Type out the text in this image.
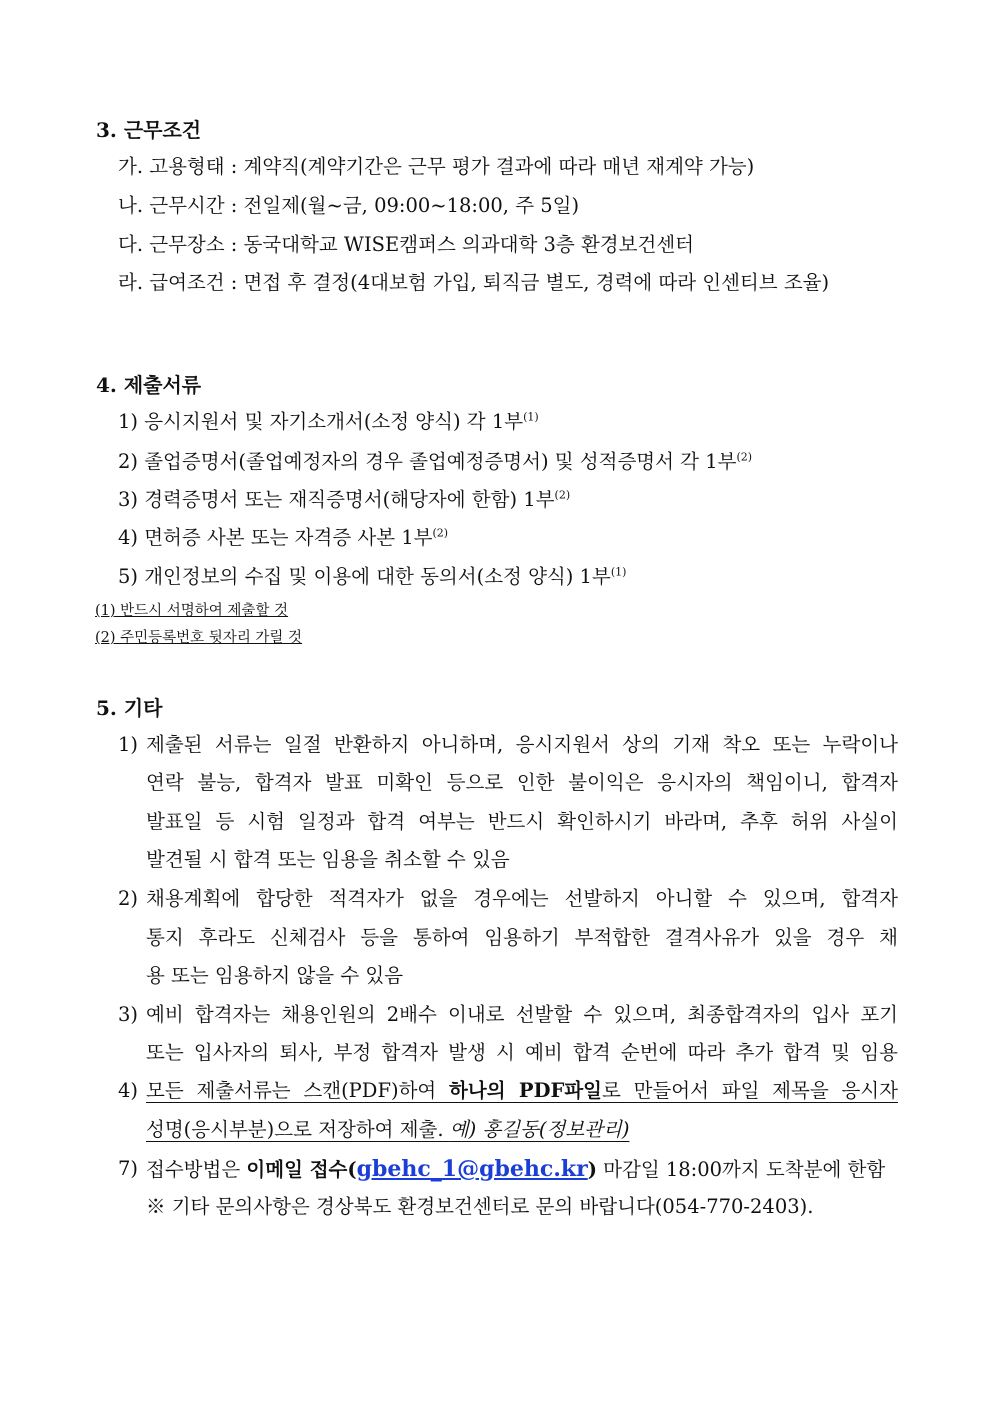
3. 근무조건
가. 고용형태 : 계약직(계약기간은 근무 평가 결과에 따라 매년 재계약 가능)
나. 근무시간 : 전일제(월~금, 09:00~18:00, 주 5일)
다. 근무장소 : 동국대학교 WISE캠퍼스 의과대학 3층 환경보건센터
라. 급여조건 : 면접 후 결정(4대보험 가입, 퇴직금 별도, 경력에 따라 인센티브 조율)
4. 제출서류
1) 응시지원서 및 자기소개서(소정 양식) 각 1부$^{(1)}$
2) 졸업증명서(졸업예정자의 경우 졸업예정증명서) 및 성적증명서 각 1부$^{(2)}$
3) 경력증명서 또는 재직증명서(해당자에 한함) 1부$^{(2)}$
4) 면허증 사본 또는 자격증 사본 1부$^{(2)}$
5) 개인정보의 수집 및 이용에 대한 동의서(소정 양식) 1부$^{(1)}$
(1) 반드시 서명하여 제출할 것
(2) 주민등록번호 뒷자리 가릴 것
5. 기타
1) 제출된 서류는 일절 반환하지 아니하며, 응시지원서 상의 기재 착오 또는 누락이나
연락 불능, 합격자 발표 미확인 등으로 인한 불이익은 응시자의 책임이니, 합격자
발표일 등 시험 일정과 합격 여부는 반드시 확인하시기 바라며, 추후 허위 사실이
발견될 시 합격 또는 임용을 취소할 수 있음
2) 채용계획에 합당한 적격자가 없을 경우에는 선발하지 아니할 수 있으며, 합격자
통지 후라도 신체검사 등을 통하여 임용하기 부적합한 결격사유가 있을 경우 채
용 또는 임용하지 않을 수 있음
3) 예비 합격자는 채용인원의 2배수 이내로 선발할 수 있으며, 최종합격자의 입사 포기
또는 입사자의 퇴사, 부정 합격자 발생 시 예비 합격 순번에 따라 추가 합격 및 임용
4) 모든 제출서류는 스캔(PDF)하여 하나의 PDF파일로 만들어서 파일 제목을 응시자
성명(응시부분)으로 저장하여 제출. 예) 홍길동(정보관리)
7) 접수방법은 이메일 접수(gbehc_1@gbehc.kr) 마감일 18:00까지 도착분에 한함
※ 기타 문의사항은 경상북도 환경보건센터로 문의 바랍니다(054-770-2403).
